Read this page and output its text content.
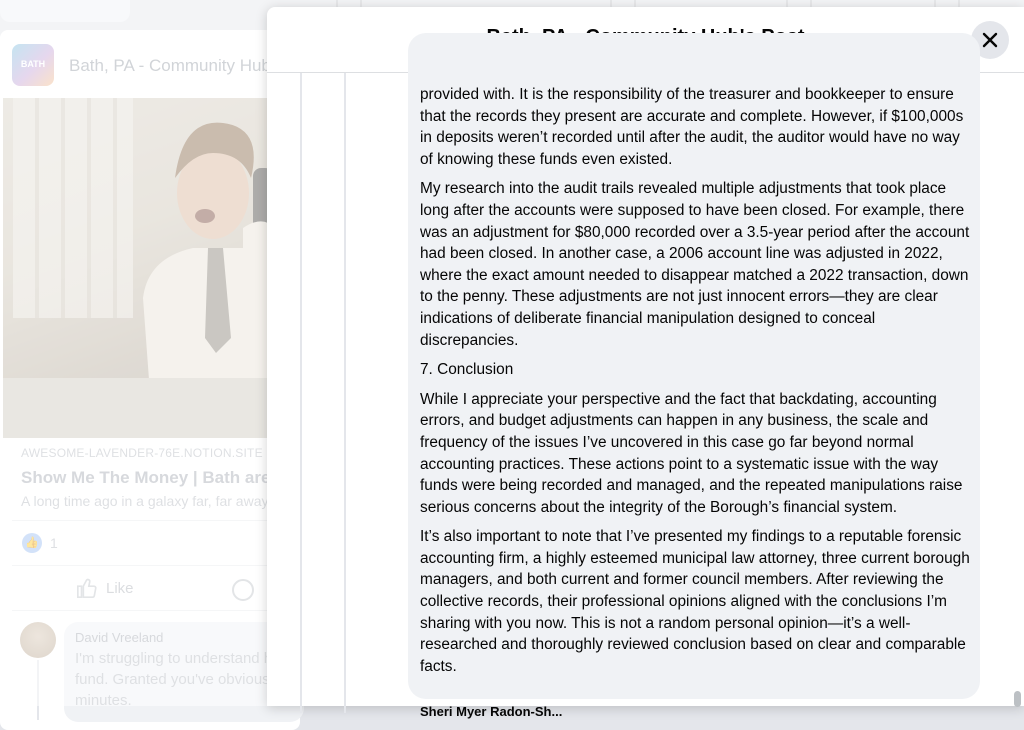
provided with. It is the responsibility of the treasurer and bookkeeper to ensure that the records they present are accurate and complete. However, if $100,000s in deposits weren’t recorded until after the audit, the auditor would have no way of knowing these funds even existed.

My research into the audit trails revealed multiple adjustments that took place long after the accounts were supposed to have been closed. For example, there was an adjustment for $80,000 recorded over a 3.5-year period after the account had been closed. In another case, a 2006 account line was adjusted in 2022, where the exact amount needed to disappear matched a 2022 transaction, down to the penny. These adjustments are not just innocent errors—they are clear indications of deliberate financial manipulation designed to conceal discrepancies.

7. Conclusion

While I appreciate your perspective and the fact that backdating, accounting errors, and budget adjustments can happen in any business, the scale and frequency of the issues I’ve uncovered in this case go far beyond normal accounting practices. These actions point to a systematic issue with the way funds were being recorded and managed, and the repeated manipulations raise serious concerns about the integrity of the Borough’s financial system.

It’s also important to note that I’ve presented my findings to a reputable forensic accounting firm, a highly esteemed municipal law attorney, three current borough managers, and both current and former council members. After reviewing the collective records, their professional opinions aligned with the conclusions I’m sharing with you now. This is not a random personal opinion—it’s a well-researched and thoroughly reviewed conclusion based on clear and comparable facts.

Sheri Myer Radon-Sh...
